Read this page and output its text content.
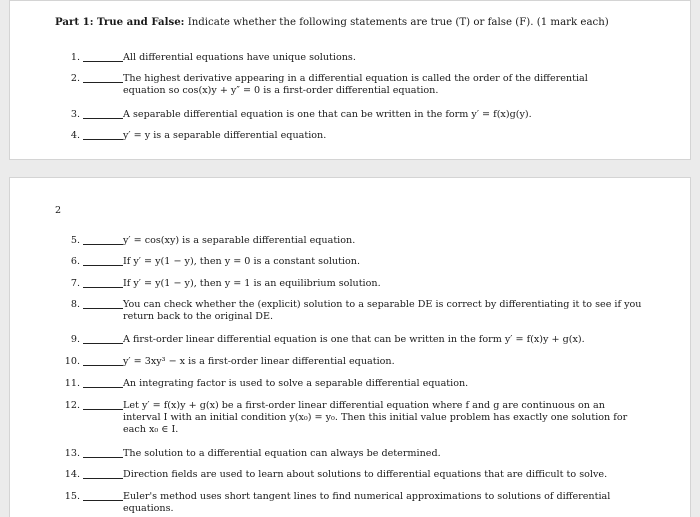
Part 1: True and False: Indicate whether the following statements are true (T) or false (F). (1 mark each)
1.	All differential equations have unique solutions.
2.	The highest derivative appearing in a differential equation is called the order of the differential
equation so cos(x)y + y″ = 0 is a first-order differential equation.
3.	A separable differential equation is one that can be written in the form y′ = f(x)g(y).
4.	y′ = y is a separable differential equation.
2
5.	y′ = cos(xy) is a separable differential equation.
6.	If y′ = y(1 − y), then y = 0 is a constant solution.
7.	If y′ = y(1 − y), then y = 1 is an equilibrium solution.
8.	You can check whether the (explicit) solution to a separable DE is correct by differentiating it to see if you
return back to the original DE.
9.	A first-order linear differential equation is one that can be written in the form y′ = f(x)y + g(x).
10.	y′ = 3xy³ − x is a first-order linear differential equation.
11.	An integrating factor is used to solve a separable differential equation.
12.	Let y′ = f(x)y + g(x) be a first-order linear differential equation where f and g are continuous on an
interval I with an initial condition y(x₀) = y₀. Then this initial value problem has exactly one solution for
each x₀ ∈ I.
13.	The solution to a differential equation can always be determined.
14.	Direction fields are used to learn about solutions to differential equations that are difficult to solve.
15.	Euler's method uses short tangent lines to find numerical approximations to solutions of differential equations.
